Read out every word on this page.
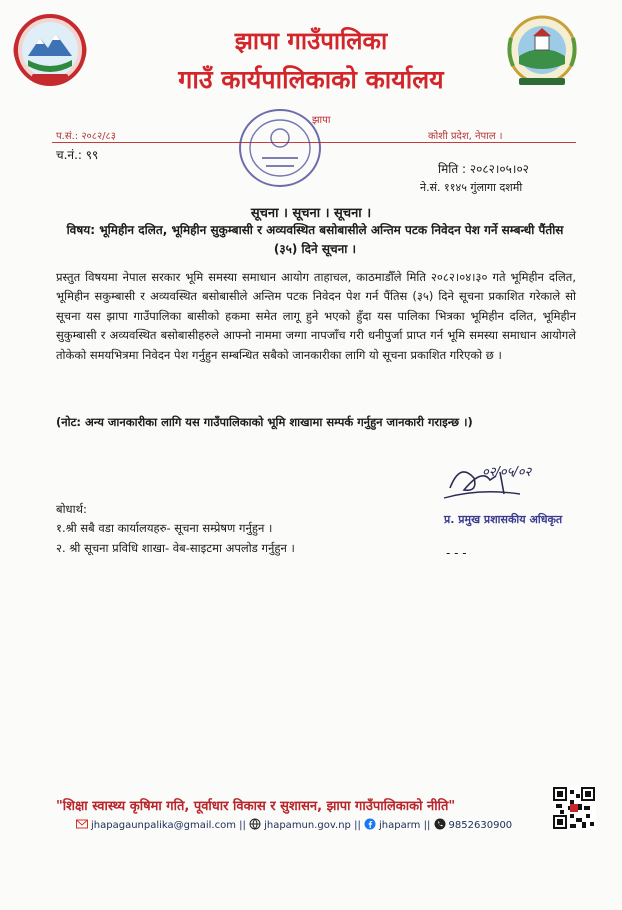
झापा गाउँपालिका
गाउँ कार्यपालिकाको कार्यालय
प.सं.: २०८२/८३
च.नं.: ९९
कोशी प्रदेश, नेपाल ।
झापा
मिति : २०८२।०५।०२
ने.सं. ११४५ गुंलागा दशमी
सूचना । सूचना । सूचना ।
विषय: भूमिहीन दलित, भूमिहीन सुकुम्बासी र अव्यवस्थित बसोबासीले अन्तिम पटक निवेदन पेश गर्ने सम्बन्धी पैंतीस (३५) दिने सूचना ।
प्रस्तुत विषयमा नेपाल सरकार भूमि समस्या समाधान आयोग ताहाचल, काठमाडौँले मिति २०८२।०४।३० गते भूमिहीन दलित, भूमिहीन सकुम्बासी र अव्यवस्थित बसोबासीले अन्तिम पटक निवेदन पेश गर्न पैंतिस (३५) दिने सूचना प्रकाशित गरेकाले सो सूचना यस झापा गाउँपालिका बासीको हकमा समेत लागू हुने भएको हुँदा यस पालिका भित्रका भूमिहीन दलित, भूमिहीन सुकुम्बासी र अव्यवस्थित बसोबासीहरुले आफ्नो नाममा जग्गा नापजाँच गरी धनीपुर्जा प्राप्त गर्न भूमि समस्या समाधान आयोगले तोकेको समयभित्रमा निवेदन पेश गर्नुहुन सम्बन्धित सबैको जानकारीका लागि यो सूचना प्रकाशित गरिएको छ ।
(नोट: अन्य जानकारीका लागि यस गाउँपालिकाको भूमि शाखामा सम्पर्क गर्नुहुन जानकारी गराइन्छ ।)
प्र. प्रमुख प्रशासकीय अधिकृत
०२/०५/०२
- - -
बोधार्थ:
१.श्री सबै वडा कार्यालयहरु- सूचना सम्प्रेषण गर्नुहुन ।
२. श्री सूचना प्रविधि शाखा- वेब-साइटमा अपलोड गर्नुहुन ।
"शिक्षा स्वास्थ्य कृषिमा गति, पूर्वाधार विकास र सुशासन, झापा गाउँपालिकाको नीति"
jhapagaunpalika@gmail.com || jhapamun.gov.np || jhaparm || 9852630900
